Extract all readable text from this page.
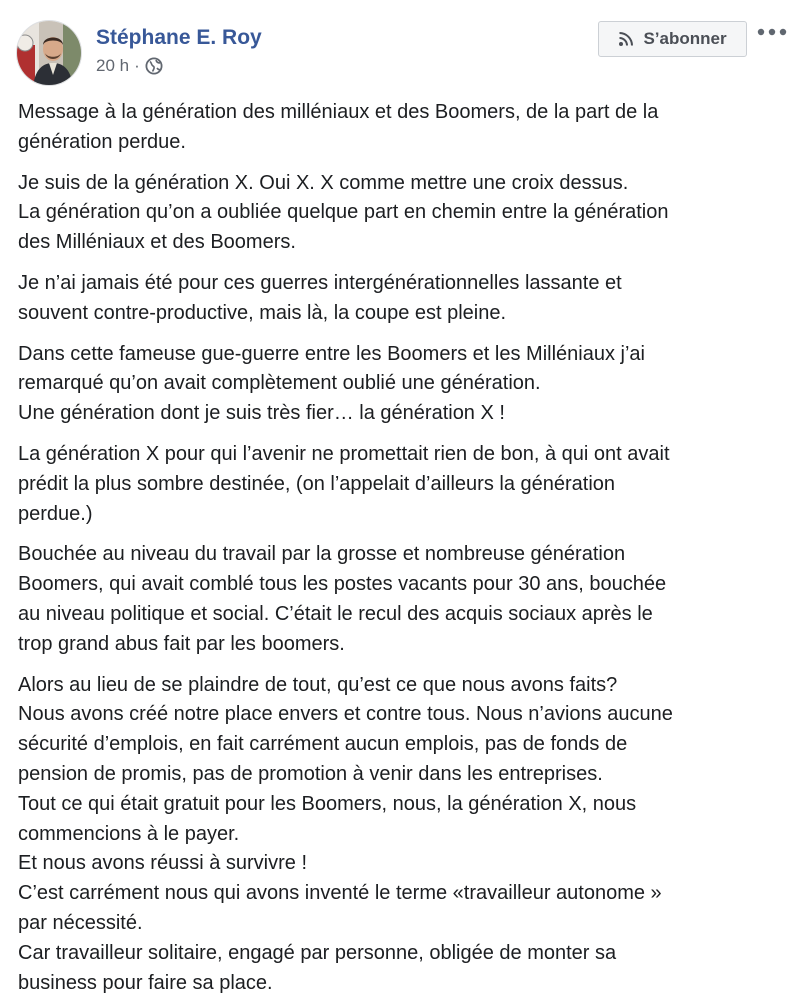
Stéphane E. Roy
20 h ·
S’abonner

Message à la génération des milléniaux et des Boomers, de la part de la
génération perdue.

Je suis de la génération X. Oui X. X comme mettre une croix dessus.
La génération qu’on a oubliée quelque part en chemin entre la génération
des Milléniaux et des Boomers.

Je n’ai jamais été pour ces guerres intergénérationnelles lassante et
souvent contre-productive, mais là, la coupe est pleine.

Dans cette fameuse gue-guerre entre les Boomers et les Milléniaux j’ai
remarqué qu’on avait complètement oublié une génération.
Une génération dont je suis très fier… la génération X !

La génération X pour qui l’avenir ne promettait rien de bon, à qui ont avait
prédit la plus sombre destinée, (on l’appelait d’ailleurs la génération
perdue.)

Bouchée au niveau du travail par la grosse et nombreuse génération
Boomers, qui avait comblé tous les postes vacants pour 30 ans, bouchée
au niveau politique et social. C’était le recul des acquis sociaux après le
trop grand abus fait par les boomers.

Alors au lieu de se plaindre de tout, qu’est ce que nous avons faits?
Nous avons créé notre place envers et contre tous. Nous n’avions aucune
sécurité d’emplois, en fait carrément aucun emplois, pas de fonds de
pension de promis, pas de promotion à venir dans les entreprises.
Tout ce qui était gratuit pour les Boomers, nous, la génération X, nous
commencions à le payer.
Et nous avons réussi à survivre !
C’est carrément nous qui avons inventé le terme «travailleur autonome »
par nécessité.
Car travailleur solitaire, engagé par personne, obligée de monter sa
business pour faire sa place.
